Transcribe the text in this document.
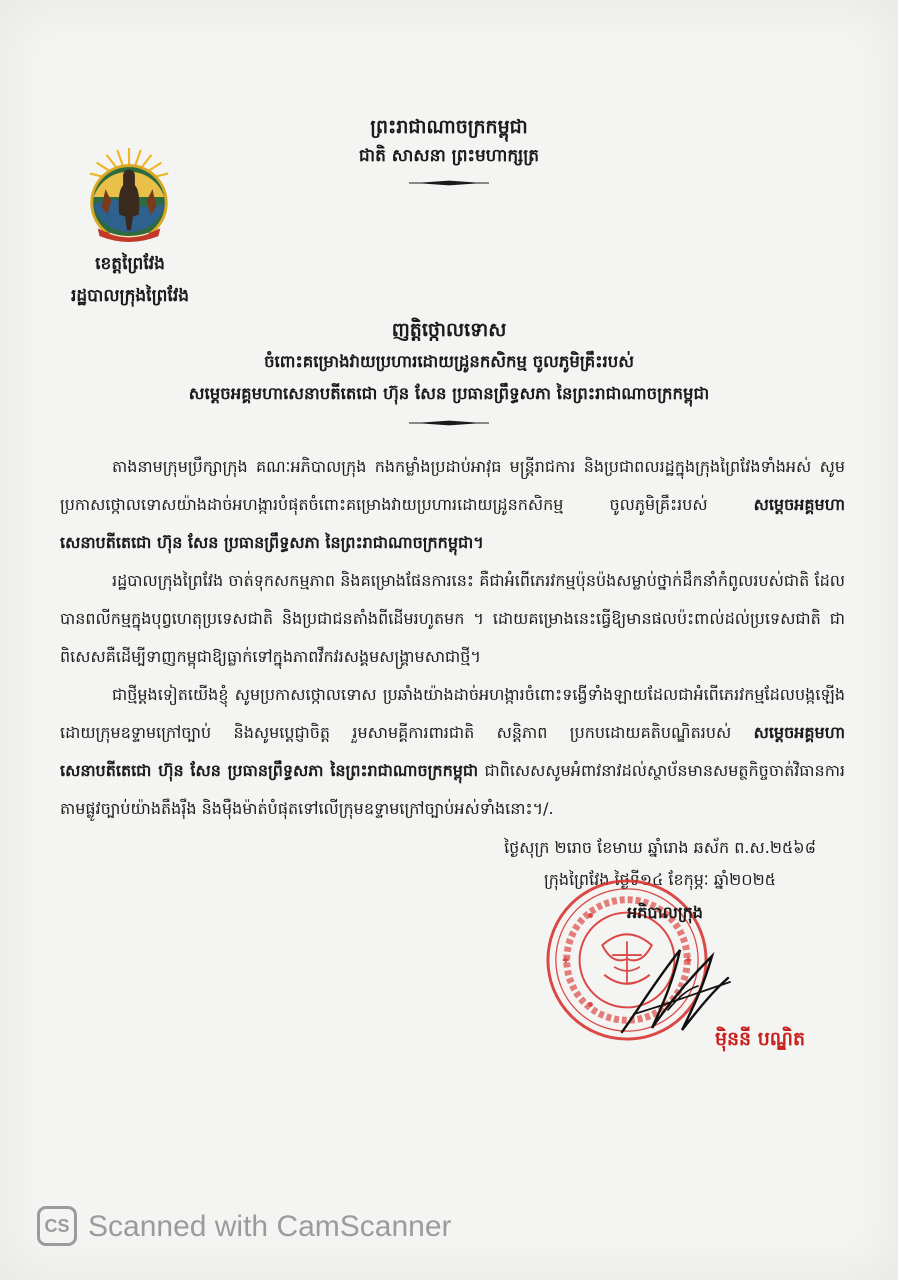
ព្រះរាជាណាចក្រកម្ពុជា
ជាតិ សាសនា ព្រះមហាក្សត្រ
ខេត្តព្រៃវែង
រដ្ឋបាលក្រុងព្រៃវែង
ញត្តិថ្កោលទោស
ចំពោះគម្រោងវាយប្រហារដោយដ្រូនកសិកម្ម ចូលភូមិគ្រឹះរបស់
សម្តេចអគ្គមហាសេនាបតីតេជោ ហ៊ុន សែន ប្រធានព្រឹទ្ធសភា នៃព្រះរាជាណាចក្រកម្ពុជា

តាងនាមក្រុមប្រឹក្សាក្រុង គណៈអភិបាលក្រុង កងកម្លាំងប្រដាប់អាវុធ មន្ត្រីរាជការ និងប្រជាពលរដ្ឋក្នុងក្រុងព្រៃវែងទាំងអស់ សូមប្រកាសថ្កោលទោសយ៉ាងដាច់អហង្ការបំផុតចំពោះគម្រោងវាយប្រហារដោយដ្រូនកសិកម្ម ចូលភូមិគ្រឹះរបស់ សម្តេចអគ្គមហាសេនាបតីតេជោ ហ៊ុន សែន ប្រធានព្រឹទ្ធសភា នៃព្រះរាជាណាចក្រកម្ពុជា។

រដ្ឋបាលក្រុងព្រៃវែង ចាត់ទុកសកម្មភាព និងគម្រោងផែនការនេះ គឺជាអំពើភេរវកម្មប៉ុនប៉ងសម្លាប់ថ្នាក់ដឹកនាំកំពូលរបស់ជាតិ ដែលបានពលីកម្មក្នុងបុព្វហេតុប្រទេសជាតិ និងប្រជាជនតាំងពីដើមរហូតមក ។ ដោយគម្រោងនេះធ្វើឱ្យមានផលប៉ះពាល់ដល់ប្រទេសជាតិ ជាពិសេសគឺដើម្បីទាញកម្ពុជាឱ្យធ្លាក់ទៅក្នុងភាពវឹកវរសង្គមសង្គ្រាមសាជាថ្មី។

ជាថ្មីម្តងទៀតយើងខ្ញុំ សូមប្រកាសថ្កោលទោស ប្រឆាំងយ៉ាងដាច់អហង្ការចំពោះទង្វើទាំងឡាយដែលជាអំពើភេរវកម្មដែលបង្កឡើងដោយក្រុមឧទ្ទាមក្រៅច្បាប់ និងសូមប្តេជ្ញាចិត្ត រួមសាមគ្គីការពារជាតិ សន្តិភាព ប្រកបដោយគតិបណ្ឌិតរបស់ សម្តេចអគ្គមហាសេនាបតីតេជោ ហ៊ុន សែន ប្រធានព្រឹទ្ធសភា នៃព្រះរាជាណាចក្រកម្ពុជា ជាពិសេសសូមអំពាវនាវដល់ស្ថាប័នមានសមត្ថកិច្ចចាត់វិធានការតាមផ្លូវច្បាប់យ៉ាងតឹងរ៉ឹង និងម៉ឺងម៉ាត់បំផុតទៅលើក្រុមឧទ្ទាមក្រៅច្បាប់អស់ទាំងនោះ។/.

ថ្ងៃសុក្រ ២រោច ខែមាឃ ឆ្នាំរោង ឆស័ក ព.ស.២៥៦៨
ក្រុងព្រៃវែង ថ្ងៃទី១៤ ខែកុម្ភៈ ឆ្នាំ២០២៥
អភិបាលក្រុង
ម៉ិននី បណ្ឌិត
CS Scanned with CamScanner
